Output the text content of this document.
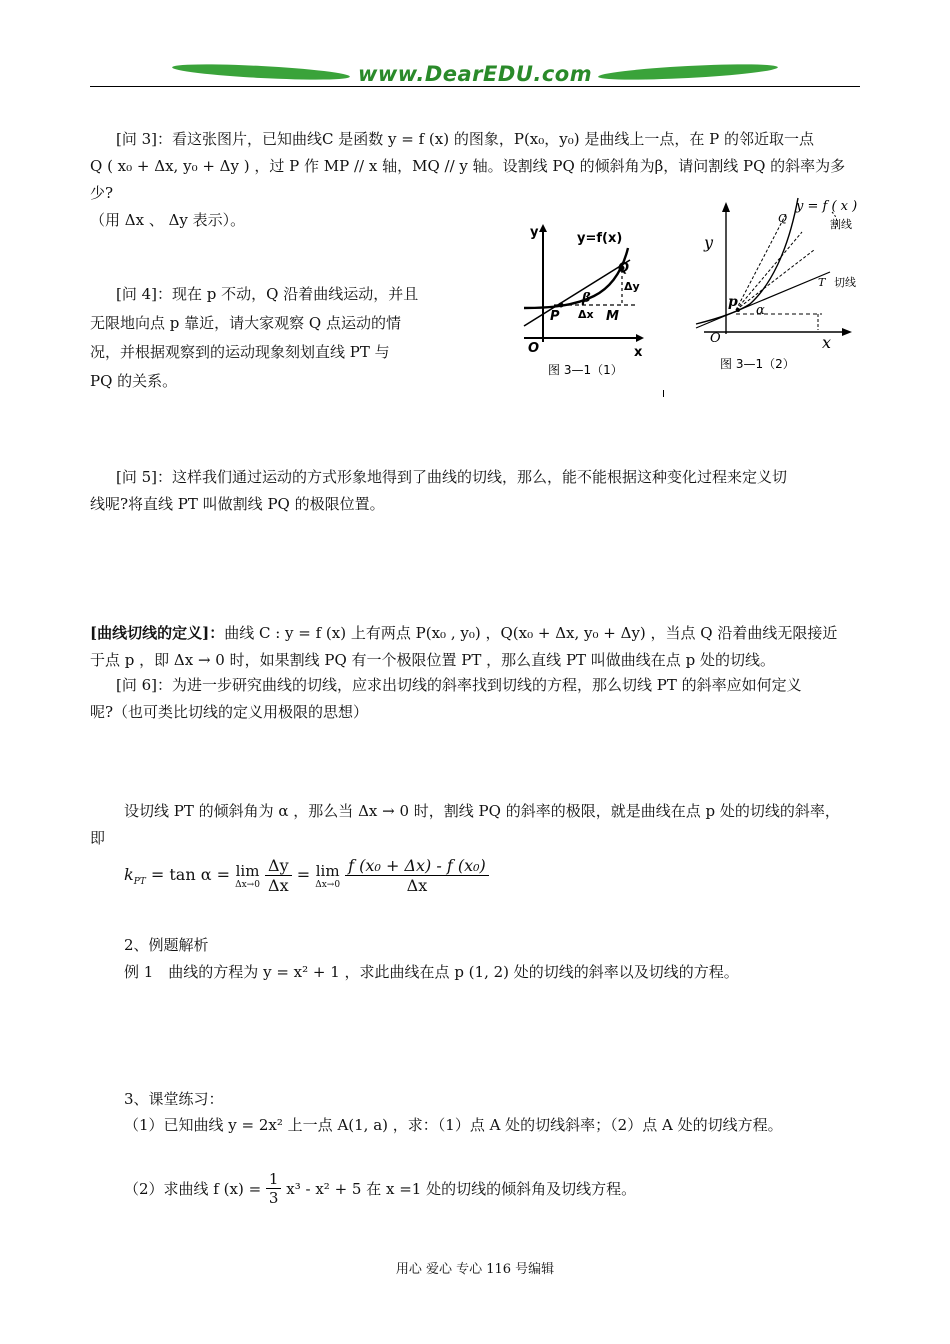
www.DearEDU.com
[问 3]：看这张图片，已知曲线C 是函数 y = f (x) 的图象，P(x₀，y₀) 是曲线上一点，在 P 的邻近取一点
Q ( x₀ + Δx, y₀ + Δy ) ，过 P 作 MP // x 轴，MQ // y 轴。设割线 PQ 的倾斜角为β，请问割线 PQ 的斜率为多少?
（用 Δx 、 Δy 表示）。
[问 4]：现在 p 不动，Q 沿着曲线运动，并且
无限地向点 p 靠近，请大家观察 Q 点运动的情
况，并根据观察到的运动现象刻划直线 PT 与
PQ 的关系。
y
x
O
y=f(x)
P
Q
M
β
Δx
Δy
图 3—1（1）
y
x
O
y = f ( x )
p
Q
T
α
割线
切线
图 3—1（2）
[问 5]：这样我们通过运动的方式形象地得到了曲线的切线，那么，能不能根据这种变化过程来定义切
线呢?将直线 PT 叫做割线 PQ 的极限位置。
[曲线切线的定义]：曲线 C : y = f (x) 上有两点 P(x₀ , y₀) ，Q(x₀ + Δx, y₀ + Δy) ，当点 Q 沿着曲线无限接近
于点 p ，即 Δx → 0 时，如果割线 PQ 有一个极限位置 PT ，那么直线 PT 叫做曲线在点 p 处的切线。
[问 6]：为进一步研究曲线的切线，应求出切线的斜率找到切线的方程，那么切线 PT 的斜率应如何定义
呢?（也可类比切线的定义用极限的思想）
设切线 PT 的倾斜角为 α ，那么当 Δx → 0 时，割线 PQ 的斜率的极限，就是曲线在点 p 处的切线的斜率，
即
$k_{PT} = \tan \alpha = \lim$
Δx→0
$\frac{\Delta y}{\Delta x} = \lim$
Δx→0
$\frac{\text{f (x₀ + Δx) - f (x₀)}}{\Delta x}$
2、例题解析
例 1　曲线的方程为 y = x² + 1 ，求此曲线在点 p (1, 2) 处的切线的斜率以及切线的方程。
3、课堂练习：
（1）已知曲线 y = 2x² 上一点 A(1, a) ，求：（1）点 A 处的切线斜率；（2）点 A 处的切线方程。
（2）求曲线 f $(x) = \frac{1}{3} x^3 - x^2 + 5$ 在 x =1 处的切线的倾斜角及切线方程。
用心 爱心 专心 116 号编辑
